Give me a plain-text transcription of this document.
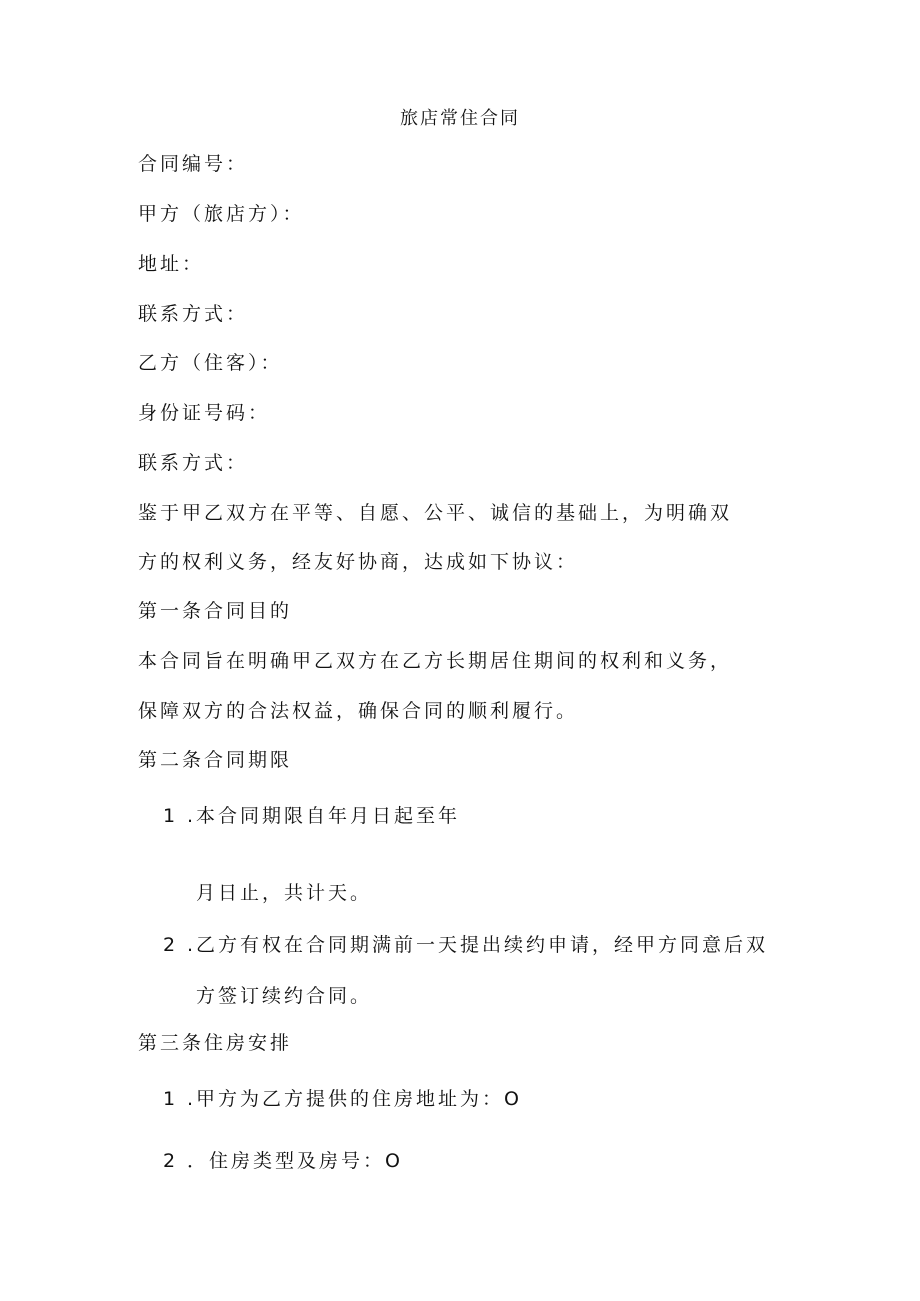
旅店常住合同
合同编号：
甲方（旅店方）：
地址：
联系方式：
乙方（住客）：
身份证号码：
联系方式：
鉴于甲乙双方在平等、自愿、公平、诚信的基础上，为明确双
方的权利义务，经友好协商，达成如下协议：
第一条合同目的
本合同旨在明确甲乙双方在乙方长期居住期间的权利和义务，
保障双方的合法权益，确保合同的顺利履行。
第二条合同期限
1 .本合同期限自年月日起至年
月日止，共计天。
2 .乙方有权在合同期满前一天提出续约申请，经甲方同意后双
方签订续约合同。
第三条住房安排
1 .甲方为乙方提供的住房地址为：O
2 ．住房类型及房号：O
